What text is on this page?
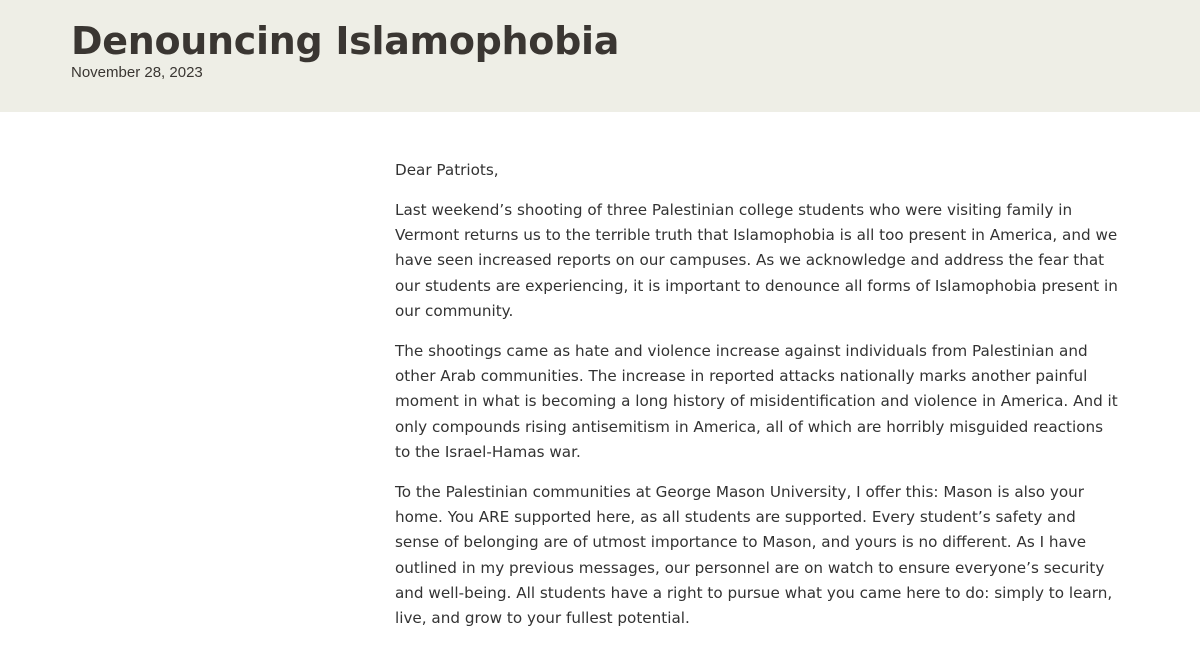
Denouncing Islamophobia
November 28, 2023

Dear Patriots,

Last weekend’s shooting of three Palestinian college students who were visiting family in Vermont returns us to the terrible truth that Islamophobia is all too present in America, and we have seen increased reports on our campuses. As we acknowledge and address the fear that our students are experiencing, it is important to denounce all forms of Islamophobia present in our community.

The shootings came as hate and violence increase against individuals from Palestinian and other Arab communities. The increase in reported attacks nationally marks another painful moment in what is becoming a long history of misidentification and violence in America. And it only compounds rising antisemitism in America, all of which are horribly misguided reactions to the Israel-Hamas war.

To the Palestinian communities at George Mason University, I offer this: Mason is also your home. You ARE supported here, as all students are supported. Every student’s safety and sense of belonging are of utmost importance to Mason, and yours is no different. As I have outlined in my previous messages, our personnel are on watch to ensure everyone’s security and well-being. All students have a right to pursue what you came here to do: simply to learn, live, and grow to your fullest potential.
